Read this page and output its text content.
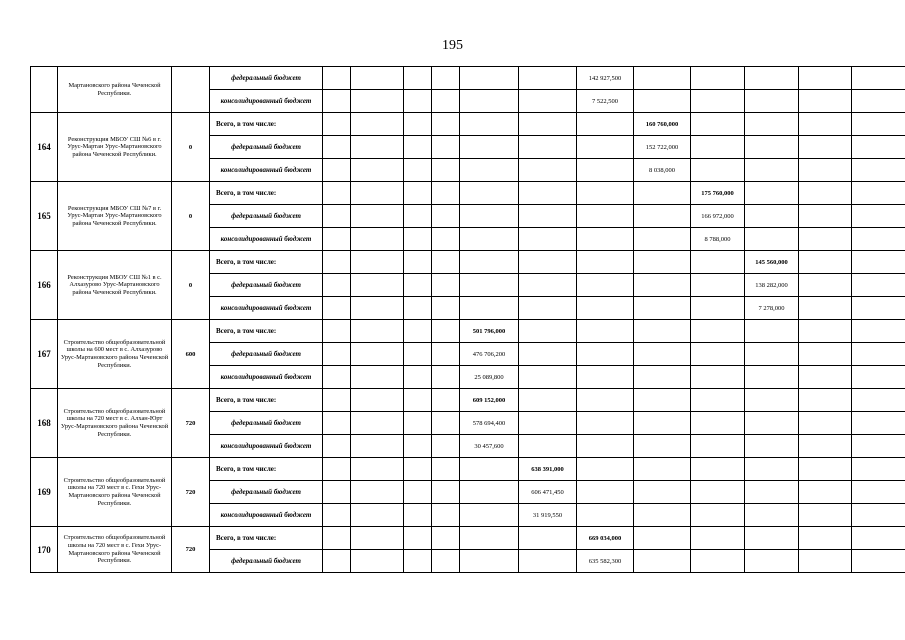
195
	Мартановского района Чеченской Республики.		федеральный бюджет							142 927,500					
			консолидированный бюджет							7 522,500					
164	Реконструкция МБОУ СШ №6 в г. Урус-Мартан Урус-Мартановского района Чеченской Республики.	0	Всего, в том числе:								160 760,000				
			федеральный бюджет								152 722,000				
			консолидированный бюджет								8 038,000				
165	Реконструкция МБОУ СШ №7 в г. Урус-Мартан Урус-Мартановского района Чеченской Республики.	0	Всего, в том числе:									175 760,000			
			федеральный бюджет									166 972,000			
			консолидированный бюджет									8 788,000			
166	Реконструкция МБОУ СШ №1 в с. Алхазурово Урус-Мартановского района Чеченской Республики.	0	Всего, в том числе:										145 560,000		
			федеральный бюджет										138 282,000		
			консолидированный бюджет										7 278,000		
167	Строительство общеобразовательной школы на 600 мест в с. Алхазурово Урус-Мартановского района Чеченской Республики.	600	Всего, в том числе:					501 796,000							
			федеральный бюджет					476 706,200							
			консолидированный бюджет					25 089,800							
168	Строительство общеобразовательной школы на 720 мест в с. Алхан-Юрт Урус-Мартановского района Чеченской Республики.	720	Всего, в том числе:					609 152,000							
			федеральный бюджет					578 694,400							
			консолидированный бюджет					30 457,600							
169	Строительство общеобразовательной школы на 720 мест в с. Гехи Урус-Мартановского района Чеченской Республики.	720	Всего, в том числе:						638 391,000						
			федеральный бюджет						606 471,450						
			консолидированный бюджет						31 919,550						
170	Строительство общеобразовательной школы на 720 мест в с. Гехи Урус-Мартановского района Чеченской Республики.	720	Всего, в том числе:							669 034,000					
			федеральный бюджет							635 582,300					
